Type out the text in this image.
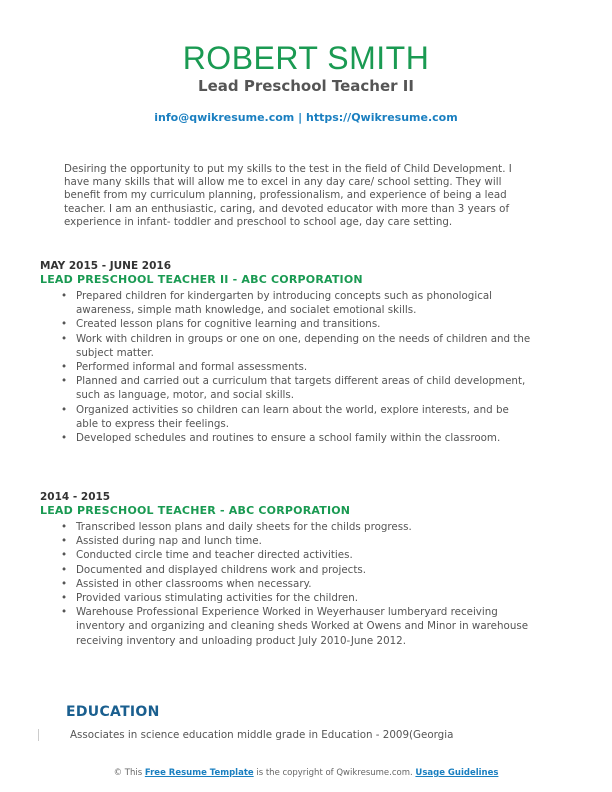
ROBERT SMITH
Lead Preschool Teacher II
info@qwikresume.com | https://Qwikresume.com
Desiring the opportunity to put my skills to the test in the field of Child Development. I have many skills that will allow me to excel in any day care/ school setting. They will benefit from my curriculum planning, professionalism, and experience of being a lead teacher. I am an enthusiastic, caring, and devoted educator with more than 3 years of experience in infant- toddler and preschool to school age, day care setting.
MAY 2015 - JUNE 2016
LEAD PRESCHOOL TEACHER II - ABC CORPORATION
• Prepared children for kindergarten by introducing concepts such as phonological awareness, simple math knowledge, and socialet emotional skills.
• Created lesson plans for cognitive learning and transitions.
• Work with children in groups or one on one, depending on the needs of children and the subject matter.
• Performed informal and formal assessments.
• Planned and carried out a curriculum that targets different areas of child development, such as language, motor, and social skills.
• Organized activities so children can learn about the world, explore interests, and be able to express their feelings.
• Developed schedules and routines to ensure a school family within the classroom.
2014 - 2015
LEAD PRESCHOOL TEACHER - ABC CORPORATION
• Transcribed lesson plans and daily sheets for the childs progress.
• Assisted during nap and lunch time.
• Conducted circle time and teacher directed activities.
• Documented and displayed childrens work and projects.
• Assisted in other classrooms when necessary.
• Provided various stimulating activities for the children.
• Warehouse Professional Experience Worked in Weyerhauser lumberyard receiving inventory and organizing and cleaning sheds Worked at Owens and Minor in warehouse receiving inventory and unloading product July 2010-June 2012.
EDUCATION
Associates in science education middle grade in Education - 2009(Georgia
© This Free Resume Template is the copyright of Qwikresume.com. Usage Guidelines
